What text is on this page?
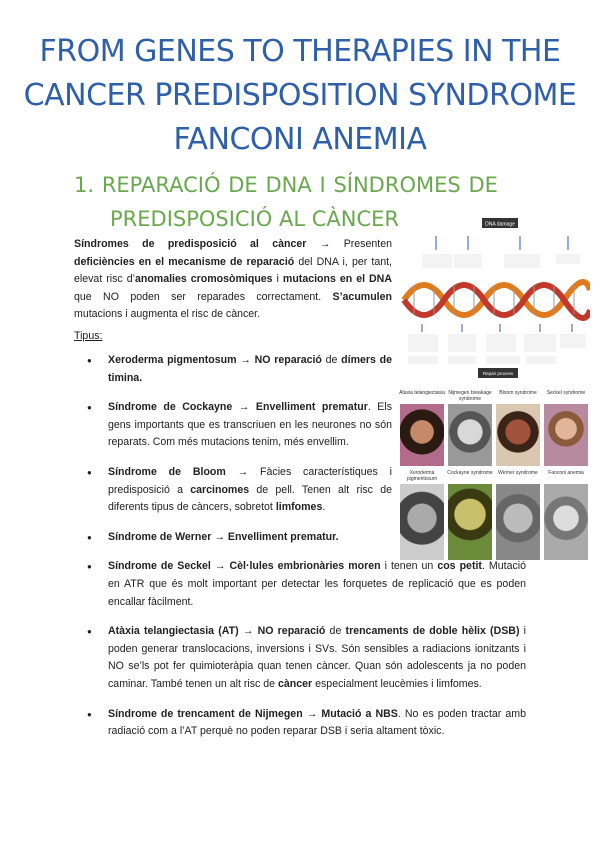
FROM GENES TO THERAPIES IN THE
CANCER PREDISPOSITION SYNDROME
FANCONI ANEMIA
1. REPARACIÓ DE DNA I SÍNDROMES DE
PREDISPOSICIÓ AL CÀNCER
Síndromes de predisposició al càncer → Presenten deficiències en el mecanisme de reparació del DNA i, per tant, elevat risc d’anomalies cromosòmiques i mutacions en el DNA que NO poden ser reparades correctament. S’acumulen mutacions i augmenta el risc de càncer.
Tipus:
● Xeroderma pigmentosum → NO reparació de dímers de timina.
● Síndrome de Cockayne → Envelliment prematur. Els gens importants que es transcriuen en les neurones no són reparats. Com més mutacions tenim, més envellim.
● Síndrome de Bloom → Fàcies característiques i predisposició a carcinomes de pell. Tenen alt risc de diferents tipus de càncers, sobretot limfomes.
● Síndrome de Werner → Envelliment prematur.
● Síndrome de Seckel → Cèl·lules embrionàries moren i tenen un cos petit. Mutació en ATR que és molt important per detectar les forquetes de replicació que es poden encallar fàcilment.
● Atàxia telangiectasia (AT) → NO reparació de trencaments de doble hèlix (DSB) i poden generar translocacions, inversions i SVs. Són sensibles a radiacions ionitzants i NO se’ls pot fer quimioteràpia quan tenen càncer. Quan són adolescents ja no poden caminar. També tenen un alt risc de càncer especialment leucèmies i limfomes.
● Síndrome de trencament de Nijmegen → Mutació a NBS. No es poden tractar amb radiació com a l’AT perquè no poden reparar DSB i seria altament tòxic.
DNA damage
Repair process
Ataxia telangiectasia Nijmegen breakage syndrome
Bloom syndrome	Seckel syndrome
Xeroderma pigmentosum
Cockayne syndrome	Werner syndrome	Fanconi anemia
